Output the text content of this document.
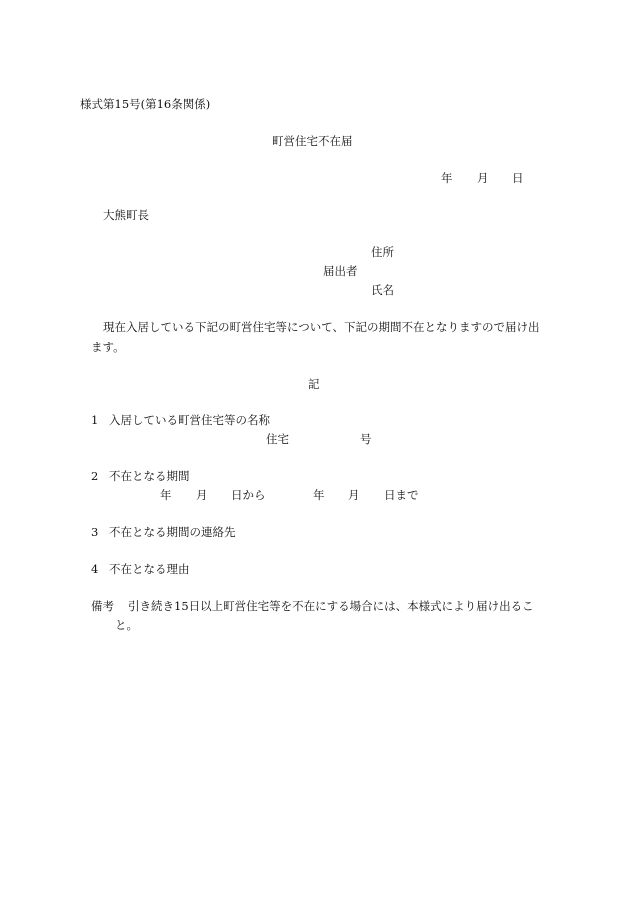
様式第15号(第16条関係)
町営住宅不在届
年 月 日
大熊町長
住所
届出者
氏名
現在入居している下記の町営住宅等について、下記の期間不在となりますので届け出
ます。
記
1 入居している町営住宅等の名称
住宅	号
2 不在となる期間
年 月 日から	年 月 日まで
3 不在となる期間の連絡先
4 不在となる理由
備考 引き続き15日以上町営住宅等を不在にする場合には、本様式により届け出るこ
と。
